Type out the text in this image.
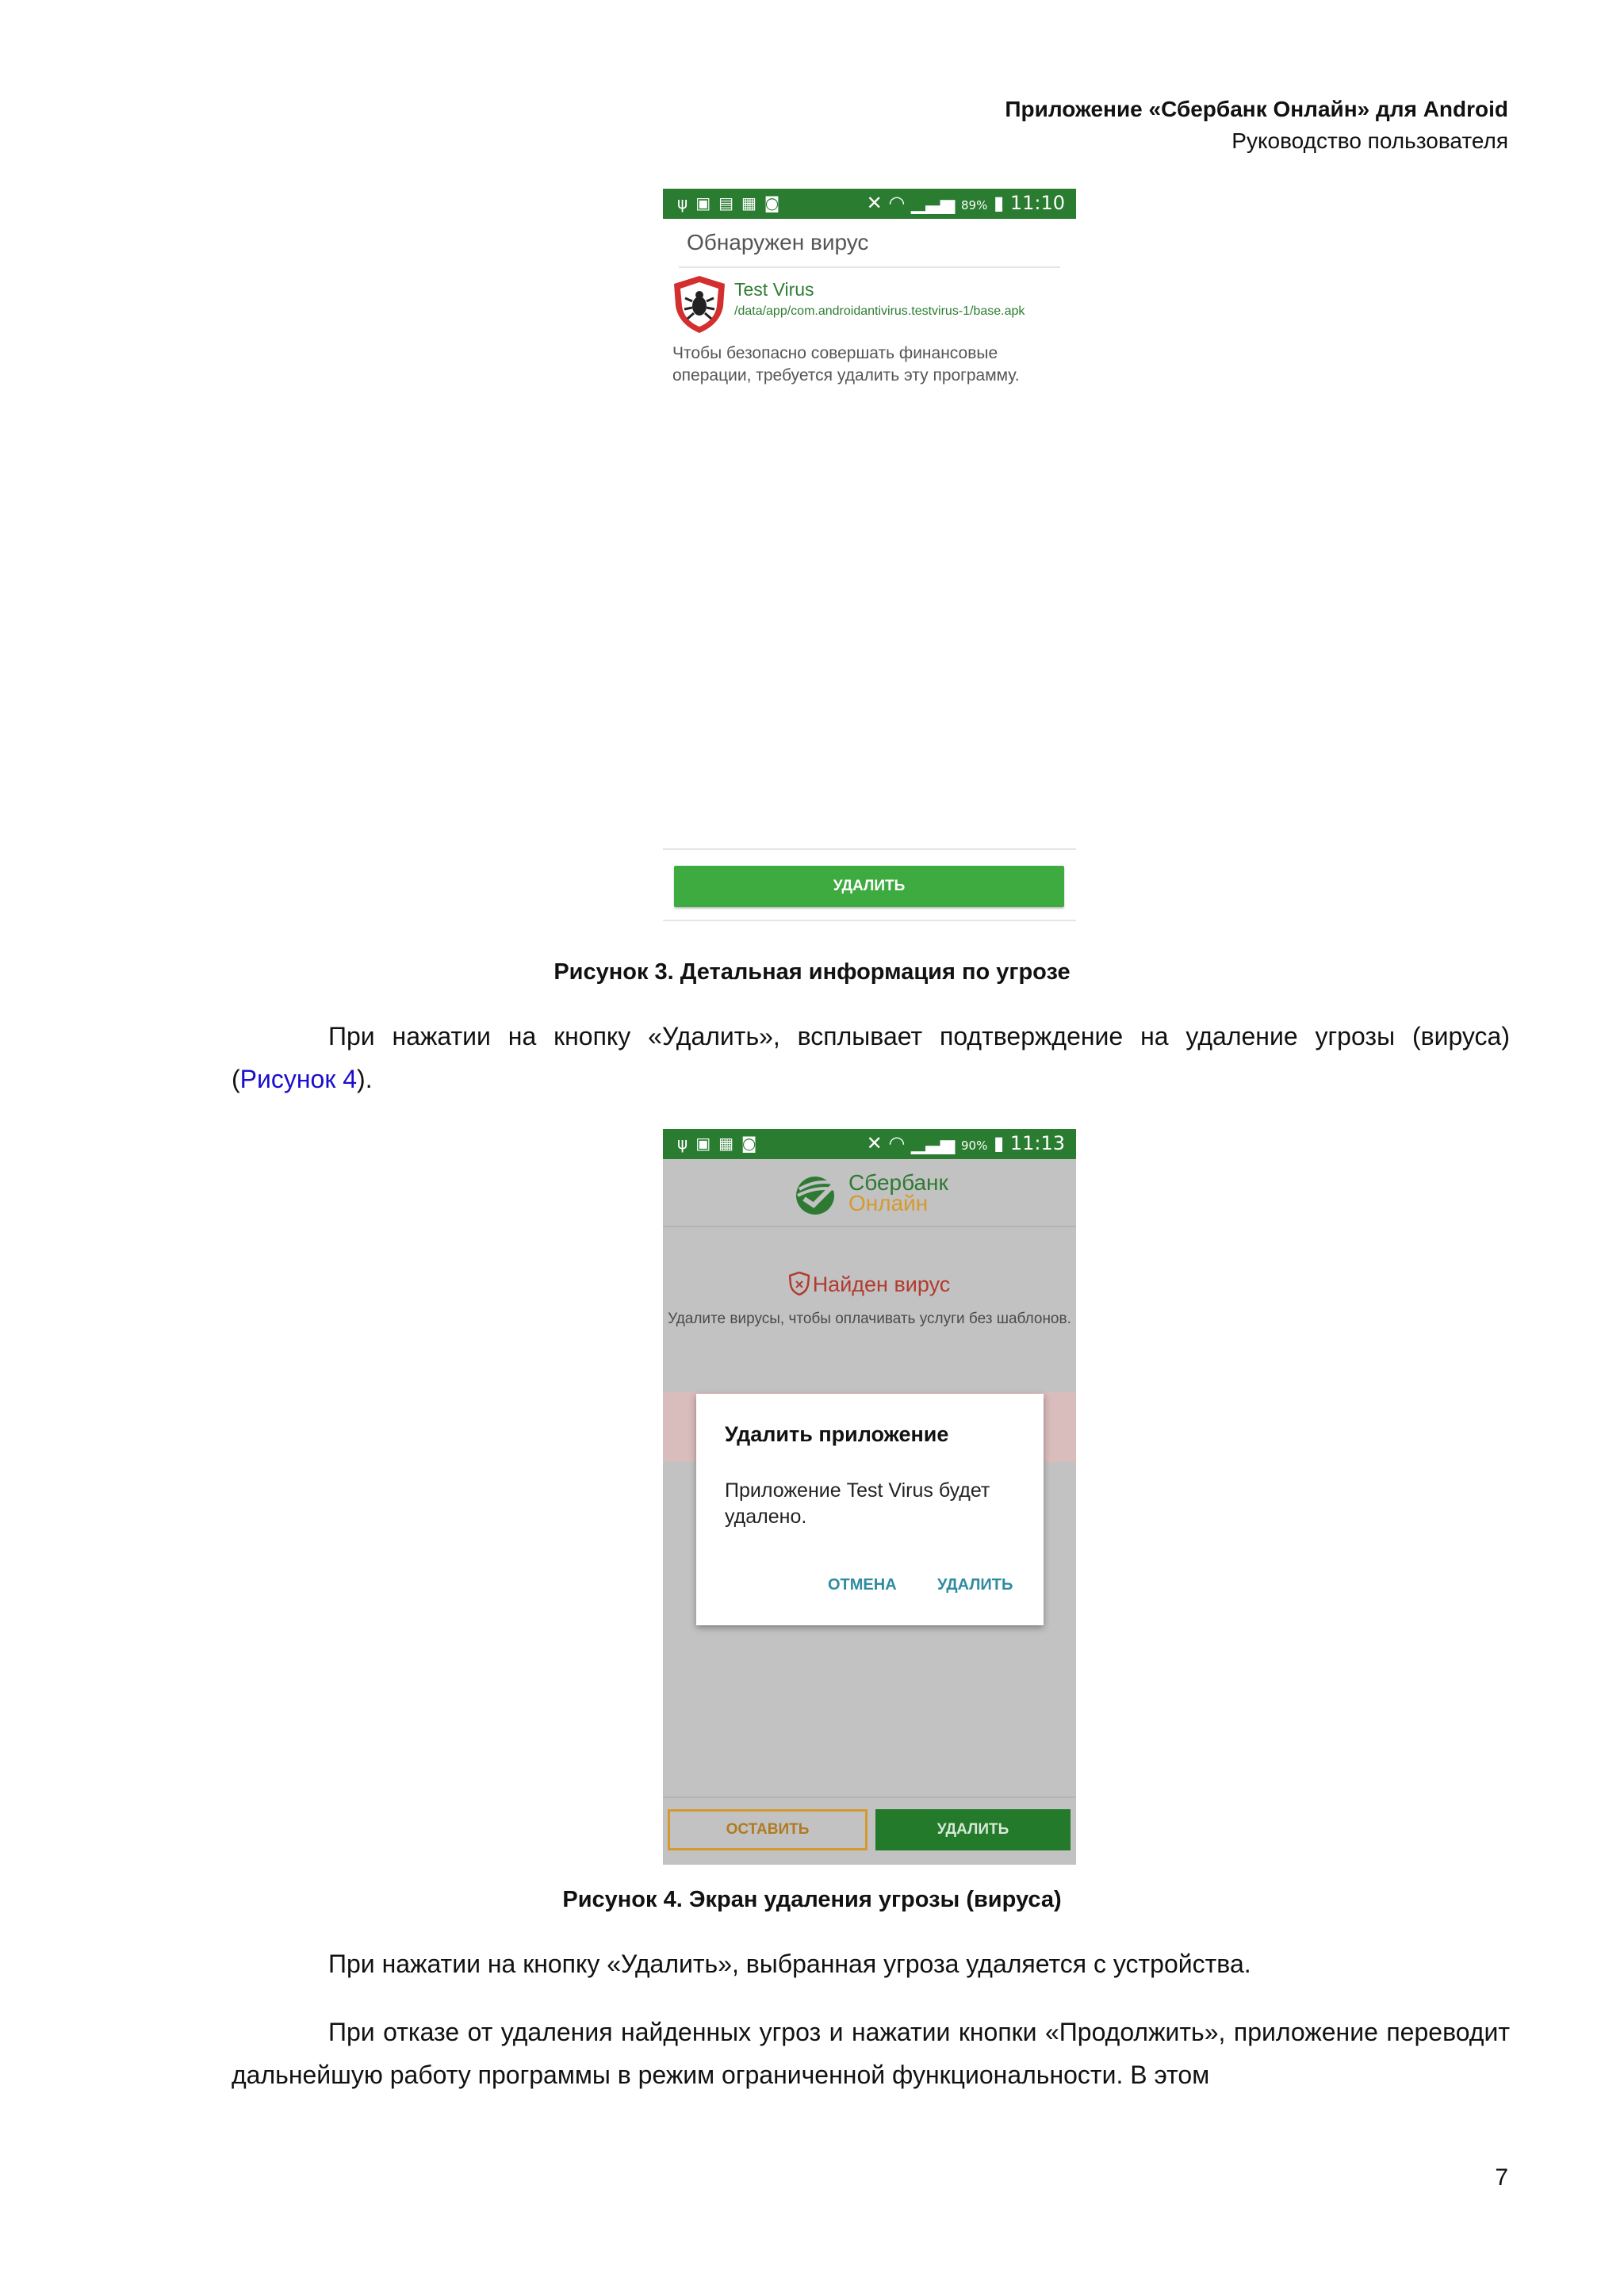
Приложение «Сбербанк Онлайн» для Android
Руководство пользователя
ψ▣▤▦◙	✕ ◠ ▁▃▅ 89% ▮ 11:10
Обнаружен вирус
Test Virus
/data/app/com.androidantivirus.testvirus-1/base.apk
Чтобы безопасно совершать финансовые операции, требуется удалить эту программу.
УДАЛИТЬ
Рисунок 3. Детальная информация по угрозе
При нажатии на кнопку «Удалить», всплывает подтверждение на удаление угрозы (вируса) (Рисунок 4).
ψ▣▦◙	✕ ◠ ▁▃▅ 90% ▮ 11:13
Сбербанк
Онлайн
Найден вирус
Удалите вирусы, чтобы оплачивать услуги без шаблонов.
Удалить приложение
Приложение Test Virus будет удалено.
ОТМЕНА	УДАЛИТЬ
ОСТАВИТЬ	УДАЛИТЬ
Рисунок 4. Экран удаления угрозы (вируса)
При нажатии на кнопку «Удалить», выбранная угроза удаляется с устройства.
При отказе от удаления найденных угроз и нажатии кнопки «Продолжить», приложение переводит дальнейшую работу программы в режим ограниченной функциональности. В этом
7
